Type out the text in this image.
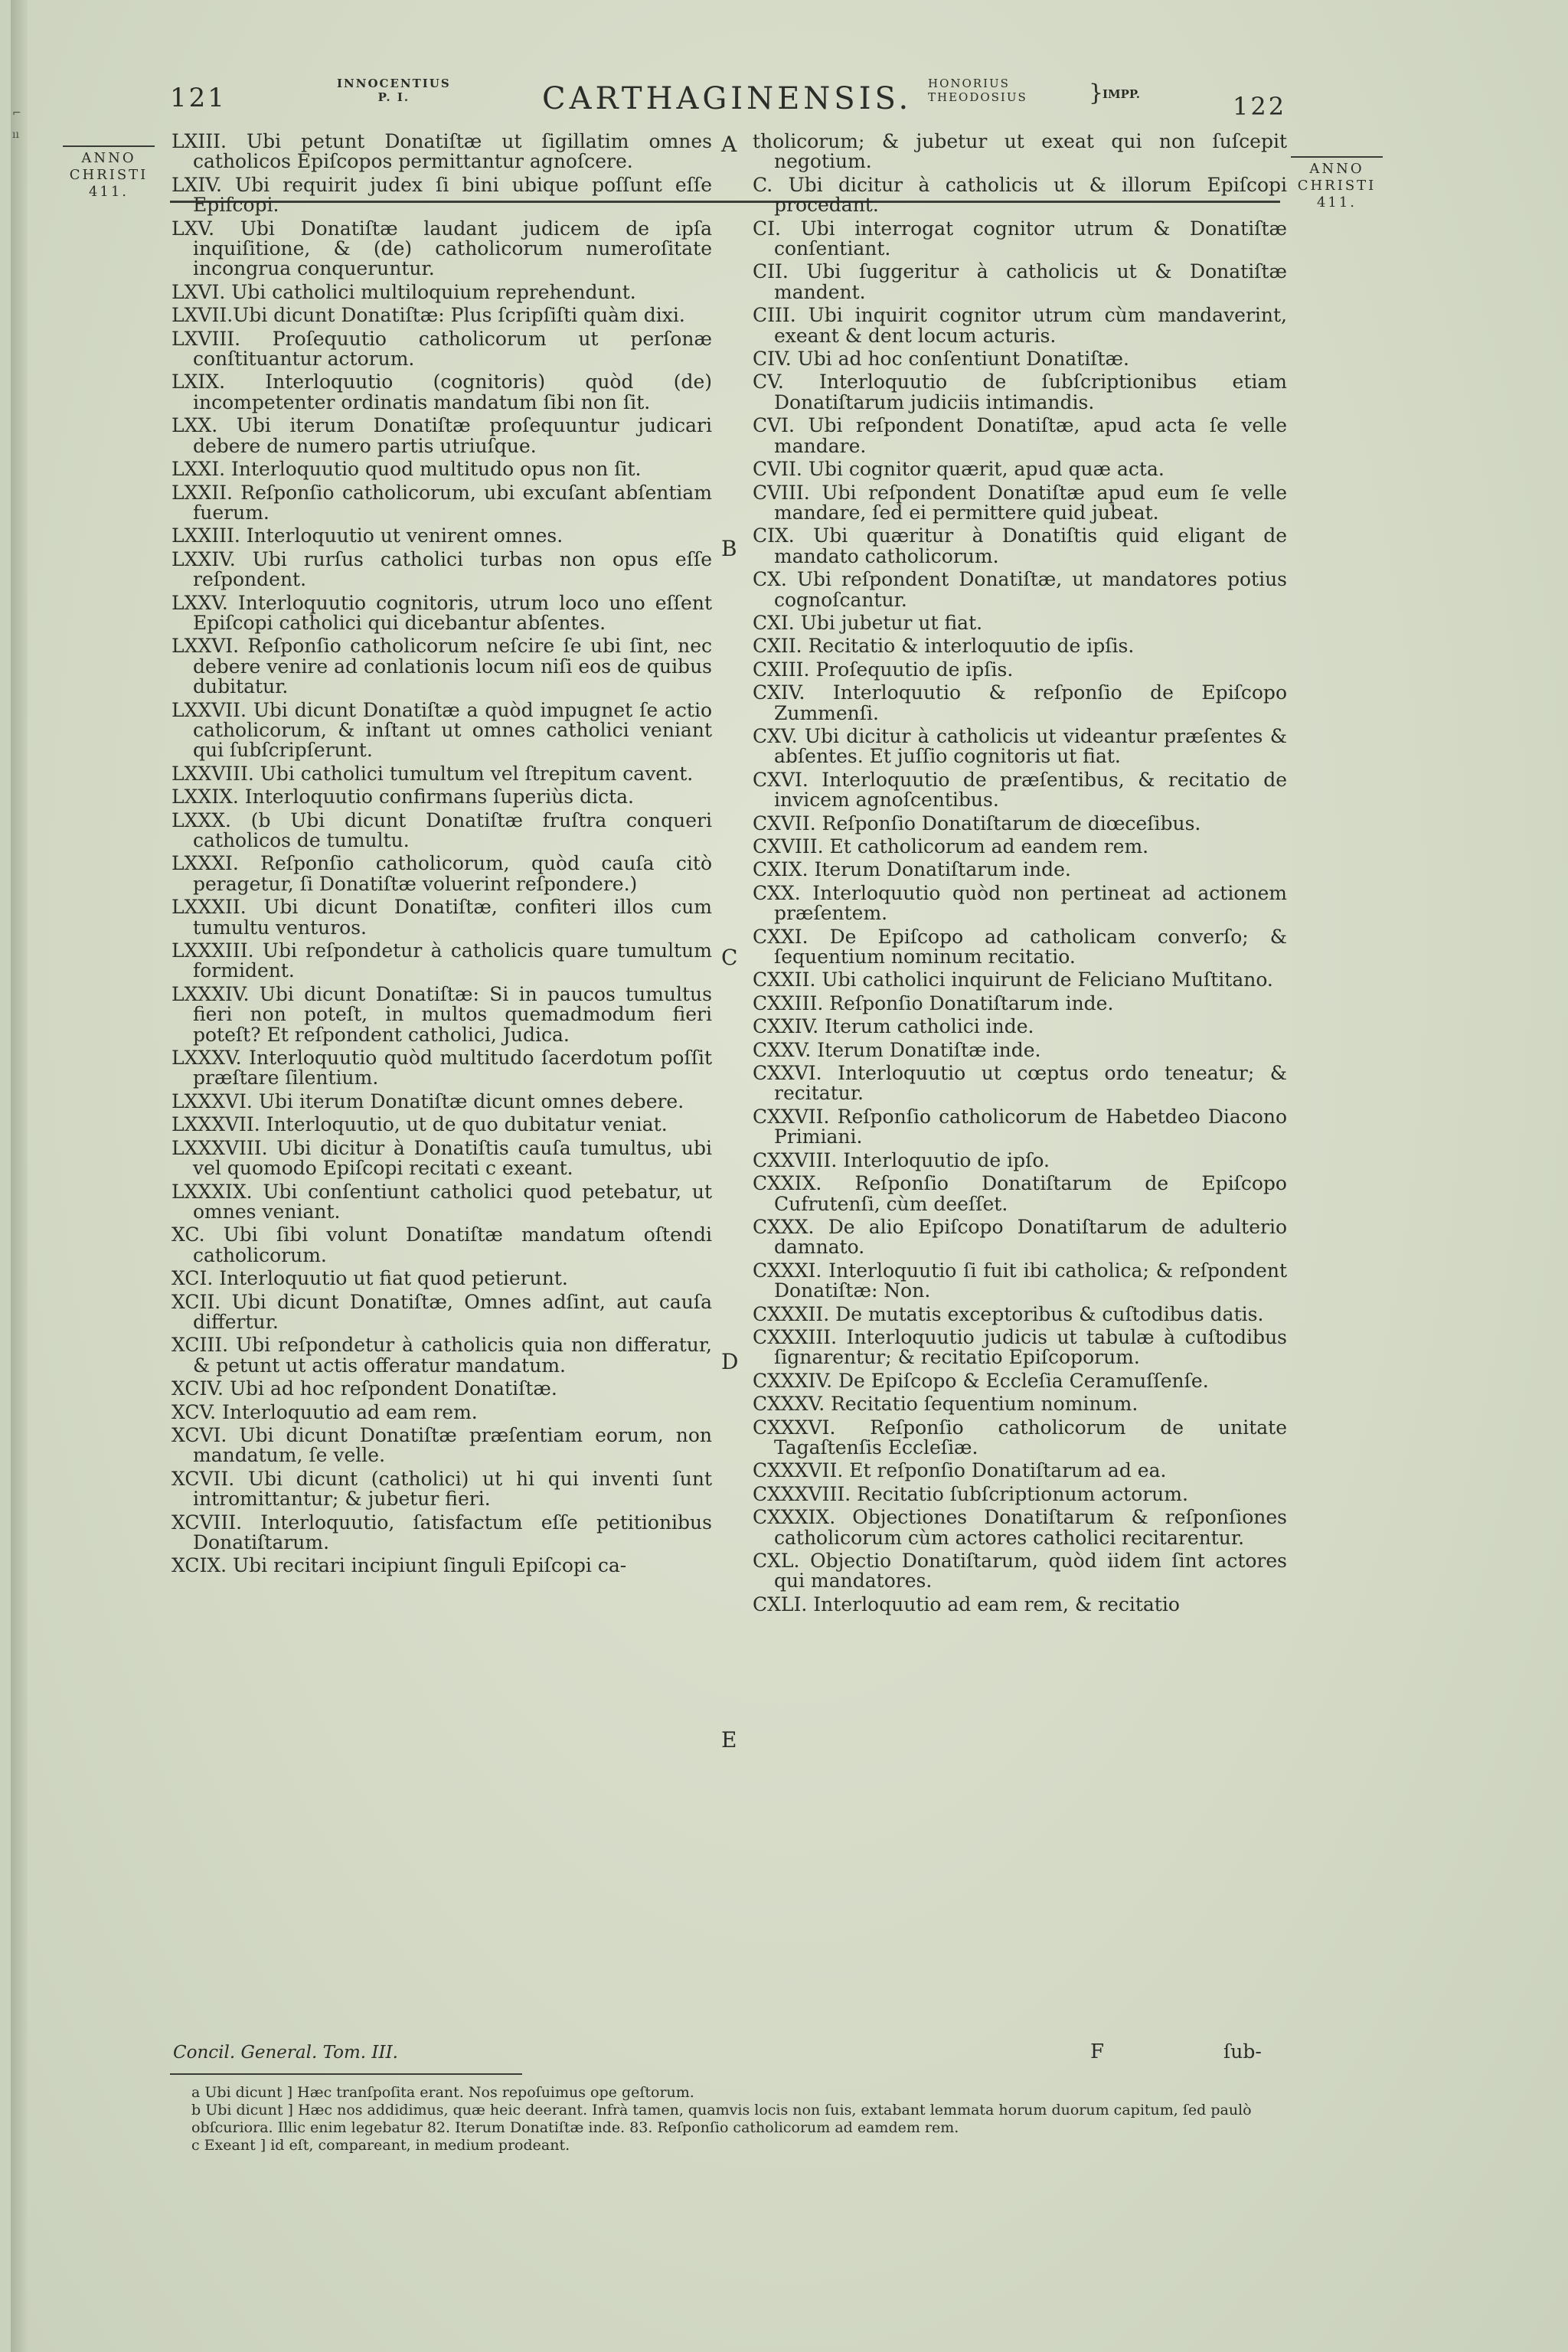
⌐
ıı
121	INNOCENTIUS
P. I.	CARTHAGINENSIS. HONORIUS
THEODOSIUS	}
IMPP.	122
ANNO
CHRISTI
411.
ANNO
CHRISTI
411.
A
B
C
D
E

LXIII. Ubi petunt Donatiſtæ ut ſigillatim omnes catholicos Epiſcopos permittantur agnoſcere.

LXIV. Ubi requirit judex ſi bini ubique poſſunt eſſe Epiſcopi.

LXV. Ubi Donatiſtæ laudant judicem de ipſa inquiſitione, & (de) catholicorum numeroſitate incongrua conqueruntur.

LXVI. Ubi catholici multiloquium reprehendunt.

LXVII.Ubi dicunt Donatiſtæ: Plus ſcripſiſti quàm dixi.

LXVIII. Proſequutio catholicorum ut perſonæ conſtituantur actorum.

LXIX. Interloquutio (cognitoris) quòd (de) incompetenter ordinatis mandatum ſibi non ſit.

LXX. Ubi iterum Donatiſtæ proſequuntur judicari debere de numero partis utriuſque.

LXXI. Interloquutio quod multitudo opus non ſit.

LXXII. Reſponſio catholicorum, ubi excuſant abſentiam fuerum.

LXXIII. Interloquutio ut venirent omnes.

LXXIV. Ubi rurſus catholici turbas non opus eſſe reſpondent.

LXXV. Interloquutio cognitoris, utrum loco uno eſſent Epiſcopi catholici qui dicebantur abſentes.

LXXVI. Reſponſio catholicorum neſcire ſe ubi ſint, nec debere venire ad conlationis locum niſi eos de quibus dubitatur.

LXXVII. Ubi dicunt Donatiſtæ a quòd impugnet ſe actio catholicorum, & inſtant ut omnes catholici veniant qui ſubſcripſerunt.

LXXVIII. Ubi catholici tumultum vel ſtrepitum cavent.

LXXIX. Interloquutio confirmans ſuperiùs dicta.

LXXX. (b Ubi dicunt Donatiſtæ fruſtra conqueri catholicos de tumultu.

LXXXI. Reſponſio catholicorum, quòd cauſa citò peragetur, ſi Donatiſtæ voluerint reſpondere.)

LXXXII. Ubi dicunt Donatiſtæ, confiteri illos cum tumultu venturos.

LXXXIII. Ubi reſpondetur à catholicis quare tumultum formident.

LXXXIV. Ubi dicunt Donatiſtæ: Si in paucos tumultus fieri non poteſt, in multos quemadmodum fieri poteſt? Et reſpondent catholici, Judica.

LXXXV. Interloquutio quòd multitudo ſacerdotum poſſit præſtare ſilentium.

LXXXVI. Ubi iterum Donatiſtæ dicunt omnes debere.

LXXXVII. Interloquutio, ut de quo dubitatur veniat.

LXXXVIII. Ubi dicitur à Donatiſtis cauſa tumultus, ubi vel quomodo Epiſcopi recitati c exeant.

LXXXIX. Ubi conſentiunt catholici quod petebatur, ut omnes veniant.

XC. Ubi ſibi volunt Donatiſtæ mandatum oſtendi catholicorum.

XCI. Interloquutio ut fiat quod petierunt.

XCII. Ubi dicunt Donatiſtæ, Omnes adſint, aut cauſa differtur.

XCIII. Ubi reſpondetur à catholicis quia non differatur, & petunt ut actis offeratur mandatum.

XCIV. Ubi ad hoc reſpondent Donatiſtæ.

XCV. Interloquutio ad eam rem.

XCVI. Ubi dicunt Donatiſtæ præſentiam eorum, non mandatum, ſe velle.

XCVII. Ubi dicunt (catholici) ut hi qui inventi ſunt intromittantur; & jubetur fieri.

XCVIII. Interloquutio, ſatisfactum eſſe petitionibus Donatiſtarum.

XCIX. Ubi recitari incipiunt ſinguli Epiſcopi ca-

tholicorum; & jubetur ut exeat qui non ſuſcepit negotium.

C. Ubi dicitur à catholicis ut & illorum Epiſcopi procedant.

CI. Ubi interrogat cognitor utrum & Donatiſtæ conſentiant.

CII. Ubi ſuggeritur à catholicis ut & Donatiſtæ mandent.

CIII. Ubi inquirit cognitor utrum cùm mandaverint, exeant & dent locum acturis.

CIV. Ubi ad hoc conſentiunt Donatiſtæ.

CV. Interloquutio de ſubſcriptionibus etiam Donatiſtarum judiciis intimandis.

CVI. Ubi reſpondent Donatiſtæ, apud acta ſe velle mandare.

CVII. Ubi cognitor quærit, apud quæ acta.

CVIII. Ubi reſpondent Donatiſtæ apud eum ſe velle mandare, ſed ei permittere quid jubeat.

CIX. Ubi quæritur à Donatiſtis quid eligant de mandato catholicorum.

CX. Ubi reſpondent Donatiſtæ, ut mandatores potius cognoſcantur.

CXI. Ubi jubetur ut fiat.

CXII. Recitatio & interloquutio de ipſis.

CXIII. Proſequutio de ipſis.

CXIV. Interloquutio & reſponſio de Epiſcopo Zummenſi.

CXV. Ubi dicitur à catholicis ut videantur præſentes & abſentes. Et juſſio cognitoris ut fiat.

CXVI. Interloquutio de præſentibus, & recitatio de invicem agnoſcentibus.

CXVII. Reſponſio Donatiſtarum de diœceſibus.

CXVIII. Et catholicorum ad eandem rem.

CXIX. Iterum Donatiſtarum inde.

CXX. Interloquutio quòd non pertineat ad actionem præſentem.

CXXI. De Epiſcopo ad catholicam converſo; & ſequentium nominum recitatio.

CXXII. Ubi catholici inquirunt de Feliciano Muſtitano.

CXXIII. Reſponſio Donatiſtarum inde.

CXXIV. Iterum catholici inde.

CXXV. Iterum Donatiſtæ inde.

CXXVI. Interloquutio ut cœptus ordo teneatur; & recitatur.

CXXVII. Reſponſio catholicorum de Habetdeo Diacono Primiani.

CXXVIII. Interloquutio de ipſo.

CXXIX. Reſponſio Donatiſtarum de Epiſcopo Cufrutenſi, cùm deeſſet.

CXXX. De alio Epiſcopo Donatiſtarum de adulterio damnato.

CXXXI. Interloquutio ſi fuit ibi catholica; & reſpondent Donatiſtæ: Non.

CXXXII. De mutatis exceptoribus & cuſtodibus datis.

CXXXIII. Interloquutio judicis ut tabulæ à cuſtodibus ſignarentur; & recitatio Epiſcoporum.

CXXXIV. De Epiſcopo & Eccleſia Ceramuſſenſe.

CXXXV. Recitatio ſequentium nominum.

CXXXVI. Reſponſio catholicorum de unitate Tagaſtenſis Eccleſiæ.

CXXXVII. Et reſponſio Donatiſtarum ad ea.

CXXXVIII. Recitatio ſubſcriptionum actorum.

CXXXIX. Objectiones Donatiſtarum & reſponſiones catholicorum cùm actores catholici recitarentur.

CXL. Objectio Donatiſtarum, quòd iidem ſint actores qui mandatores.

CXLI. Interloquutio ad eam rem, & recitatio

Concil. General. Tom. III.	F	ſub-

a Ubi dicunt ] Hæc tranſpoſita erant. Nos repoſuimus ope geſtorum.

b Ubi dicunt ] Hæc nos addidimus, quæ heic deerant. Infrà tamen, quamvis locis non ſuis, extabant lemmata horum duorum capitum, ſed paulò obſcuriora. Illic enim legebatur 82. Iterum Donatiſtæ inde. 83. Reſponſio catholicorum ad eamdem rem.

c Exeant ] id eſt, compareant, in medium prodeant.
